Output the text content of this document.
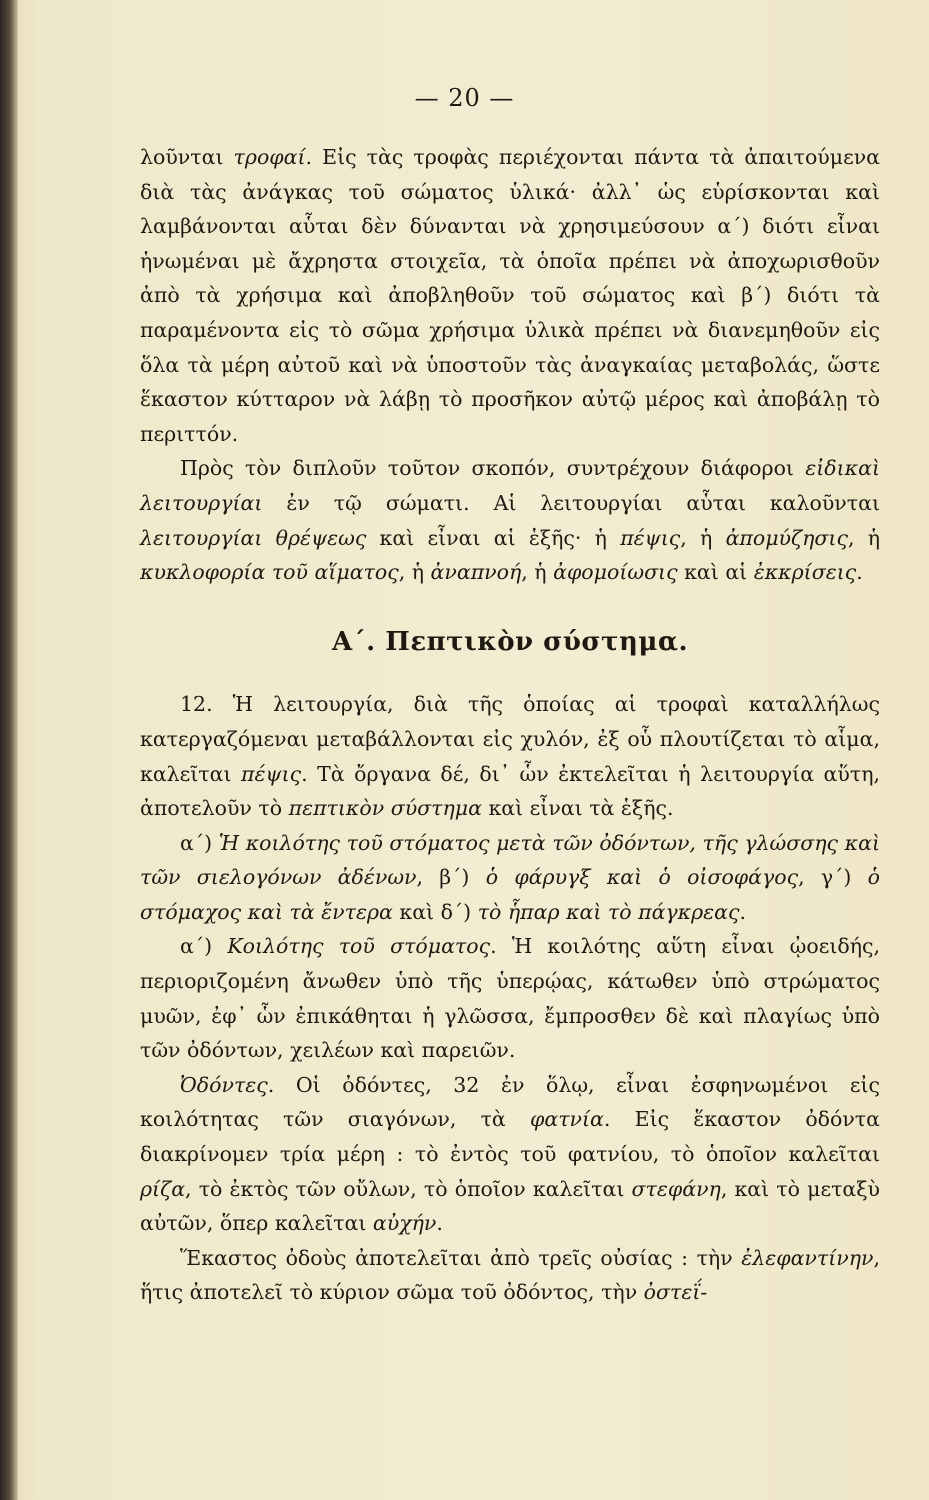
— 20 —

λοῦνται τροφαί. Εἰς τὰς τροφὰς περιέχονται πάντα τὰ ἀπαιτούμενα διὰ τὰς ἀνάγκας τοῦ σώματος ὑλικά· ἀλλ᾽ ὡς εὑρίσκονται καὶ λαμβάνονται αὗται δὲν δύνανται νὰ χρησιμεύσουν α΄) διότι εἶναι ἡνωμέναι μὲ ἄχρηστα στοιχεῖα, τὰ ὁποῖα πρέπει νὰ ἀποχωρισθοῦν ἀπὸ τὰ χρήσιμα καὶ ἀποβληθοῦν τοῦ σώματος καὶ β΄) διότι τὰ παραμένοντα εἰς τὸ σῶμα χρήσιμα ὑλικὰ πρέπει νὰ διανεμηθοῦν εἰς ὅλα τὰ μέρη αὐτοῦ καὶ νὰ ὑποστοῦν τὰς ἀναγκαίας μεταβολάς, ὥστε ἕκαστον κύτταρον νὰ λάβῃ τὸ προσῆκον αὐτῷ μέρος καὶ ἀποβάλῃ τὸ περιττόν.

Πρὸς τὸν διπλοῦν τοῦτον σκοπόν, συντρέχουν διάφοροι εἰδικαὶ λειτουργίαι ἐν τῷ σώματι. Αἱ λειτουργίαι αὗται καλοῦνται λειτουργίαι θρέψεως καὶ εἶναι αἱ ἑξῆς· ἡ πέψις, ἡ ἀπομύζησις, ἡ κυκλοφορία τοῦ αἵματος, ἡ ἀναπνοή, ἡ ἀφομοίωσις καὶ αἱ ἐκκρίσεις.

Α΄. Πεπτικὸν σύστημα.

12. Ἡ λειτουργία, διὰ τῆς ὁποίας αἱ τροφαὶ καταλλήλως κατεργαζόμεναι μεταβάλλονται εἰς χυλόν, ἐξ οὗ πλουτίζεται τὸ αἷμα, καλεῖται πέψις. Τὰ ὄργανα δέ, δι᾽ ὧν ἐκτελεῖται ἡ λειτουργία αὕτη, ἀποτελοῦν τὸ πεπτικὸν σύστημα καὶ εἶναι τὰ ἑξῆς.

α΄) Ἡ κοιλότης τοῦ στόματος μετὰ τῶν ὀδόντων, τῆς γλώσσης καὶ τῶν σιελογόνων ἀδένων, β΄) ὁ φάρυγξ καὶ ὁ οἰσοφάγος, γ΄) ὁ στόμαχος καὶ τὰ ἔντερα καὶ δ΄) τὸ ἧπαρ καὶ τὸ πάγκρεας.

α΄) Κοιλότης τοῦ στόματος. Ἡ κοιλότης αὕτη εἶναι ᾠοειδής, περιοριζομένη ἄνωθεν ὑπὸ τῆς ὑπερῴας, κάτωθεν ὑπὸ στρώματος μυῶν, ἐφ᾽ ὧν ἐπικάθηται ἡ γλῶσσα, ἔμπροσθεν δὲ καὶ πλαγίως ὑπὸ τῶν ὀδόντων, χειλέων καὶ παρειῶν.

Ὀδόντες. Οἱ ὀδόντες, 32 ἐν ὅλῳ, εἶναι ἐσφηνωμένοι εἰς κοιλότητας τῶν σιαγόνων, τὰ φατνία. Εἰς ἕκαστον ὀδόντα διακρίνομεν τρία μέρη : τὸ ἐντὸς τοῦ φατνίου, τὸ ὁποῖον καλεῖται ρίζα, τὸ ἐκτὸς τῶν οὔλων, τὸ ὁποῖον καλεῖται στεφάνη, καὶ τὸ μεταξὺ αὐτῶν, ὅπερ καλεῖται αὐχήν.

Ἕκαστος ὀδοὺς ἀποτελεῖται ἀπὸ τρεῖς οὐσίας : τὴν ἐλεφαντίνην, ἥτις ἀποτελεῖ τὸ κύριον σῶμα τοῦ ὀδόντος, τὴν ὀστεΐ-
